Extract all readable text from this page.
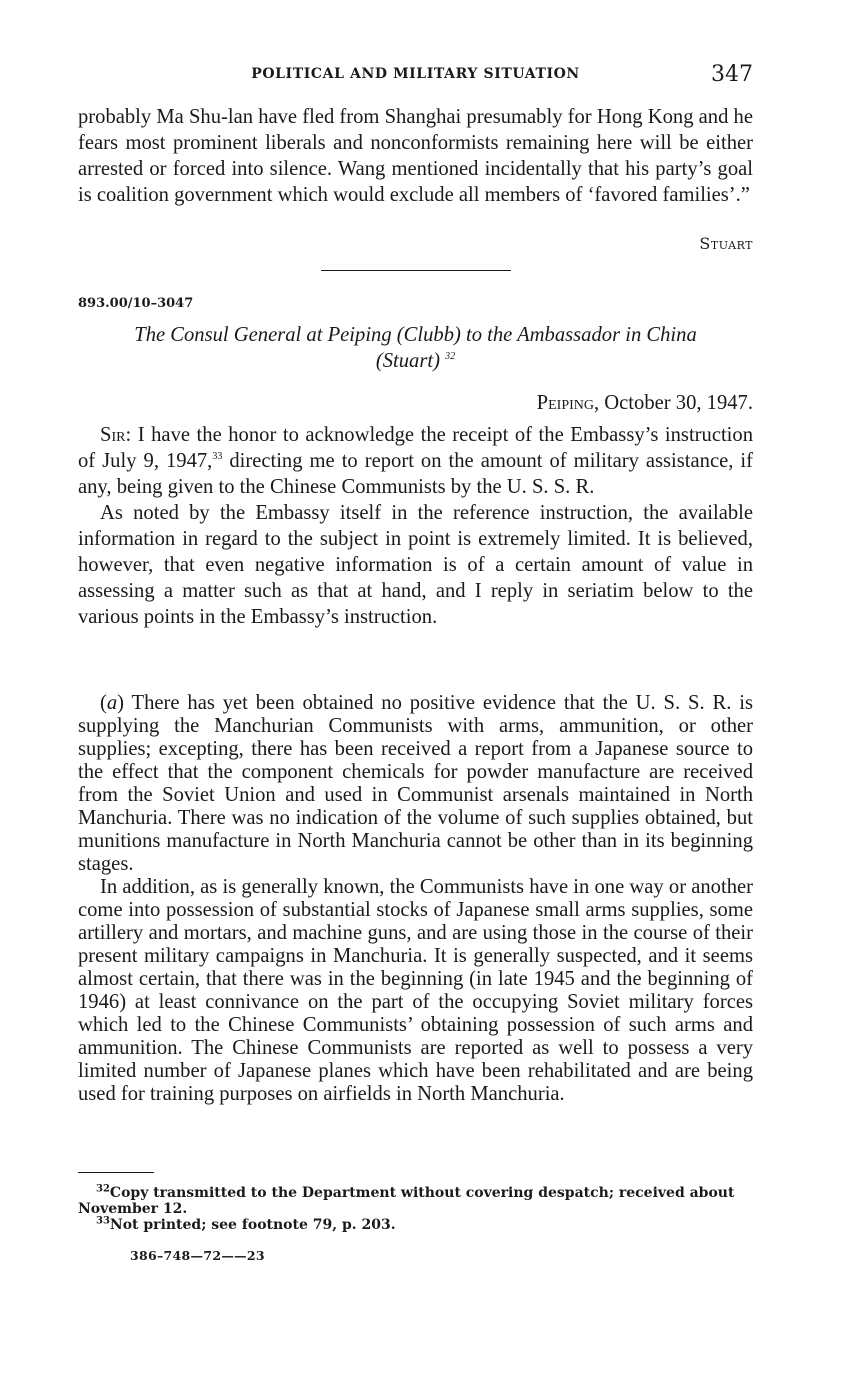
POLITICAL AND MILITARY SITUATION	347

probably Ma Shu-lan have fled from Shanghai presumably for Hong Kong and he fears most prominent liberals and nonconformists remaining here will be either arrested or forced into silence. Wang mentioned incidentally that his party’s goal is coalition government which would exclude all members of ‘favored families’.”

Stuart

893.00/10–3047

The Consul General at Peiping (Clubb) to the Ambassador in China

(Stuart) $^{32}$

Peiping, October 30, 1947.

Sir: I have the honor to acknowledge the receipt of the Embassy’s instruction of July 9, 1947,33 directing me to report on the amount of military assistance, if any, being given to the Chinese Communists by the U. S. S. R.

As noted by the Embassy itself in the reference instruction, the available information in regard to the subject in point is extremely limited. It is believed, however, that even negative information is of a certain amount of value in assessing a matter such as that at hand, and I reply in seriatim below to the various points in the Embassy’s instruction.

(a) There has yet been obtained no positive evidence that the U. S. S. R. is supplying the Manchurian Communists with arms, ammunition, or other supplies; excepting, there has been received a report from a Japanese source to the effect that the component chemicals for powder manufacture are received from the Soviet Union and used in Communist arsenals maintained in North Manchuria. There was no indication of the volume of such supplies obtained, but munitions manufacture in North Manchuria cannot be other than in its beginning stages.

In addition, as is generally known, the Communists have in one way or another come into possession of substantial stocks of Japanese small arms supplies, some artillery and mortars, and machine guns, and are using those in the course of their present military campaigns in Manchuria. It is generally suspected, and it seems almost certain, that there was in the beginning (in late 1945 and the beginning of 1946) at least connivance on the part of the occupying Soviet military forces which led to the Chinese Communists’ obtaining possession of such arms and ammunition. The Chinese Communists are reported as well to possess a very limited number of Japanese planes which have been rehabilitated and are being used for training purposes on airfields in North Manchuria.

$^{32}$Copy transmitted to the Department without covering despatch; received about November 12.

$^{33}$Not printed; see footnote 79, p. 203.

386–748—72——23
